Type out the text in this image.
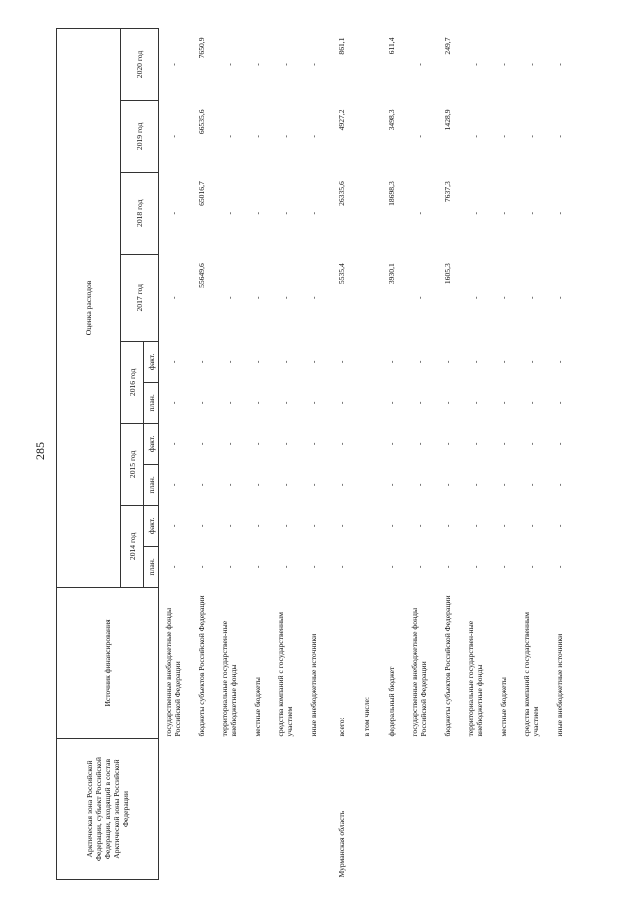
285
Арктическая зона Российской Федерации, субъект Российской Федерации, входящий в состав Арктической зоны Российской Федерации	Источник финансирования	Оценка расходов									
		2014 год		2015 год		2016 год		2017 год	2018 год	2019 год	2020 год
		план.	факт.	план.	факт.	план.	факт.				
	государственные внебюджетные фонды Российской Федерации	-	-	-	-	-	-	-	-	-	-
	бюджеты субъектов Российской Федерации	-	-	-	-	-	-	55649,6	65016,7	66535,6	7650,9
	территориальные государствен-ные внебюджетные фонды	-	-	-	-	-	-	-	-	-	-
	местные бюджеты	-	-	-	-	-	-	-	-	-	-
	средства компаний с государственным участием	-	-	-	-	-	-	-	-	-	-
	иные внебюджетные источники	-	-	-	-	-	-	-	-	-	-
Мурманская область	всего:	-	-	-	-	-	-	5535,4	26335,6	4927,2	861,1
	в том числе:										
	федеральный бюджет	-	-	-	-	-	-	3930,1	18698,3	3498,3	611,4
	государственные внебюджетные фонды Российской Федерации	-	-	-	-	-	-	-	-	-	-
	бюджеты субъектов Российской Федерации	-	-	-	-	-	-	1605,3	7637,3	1428,9	249,7
	территориальные государствен-ные внебюджетные фонды	-	-	-	-	-	-	-	-	-	-
	местные бюджеты	-	-	-	-	-	-	-	-	-	-
	средства компаний с государственным участием	-	-	-	-	-	-	-	-	-	-
	иные внебюджетные источники	-	-	-	-	-	-	-	-	-	-
